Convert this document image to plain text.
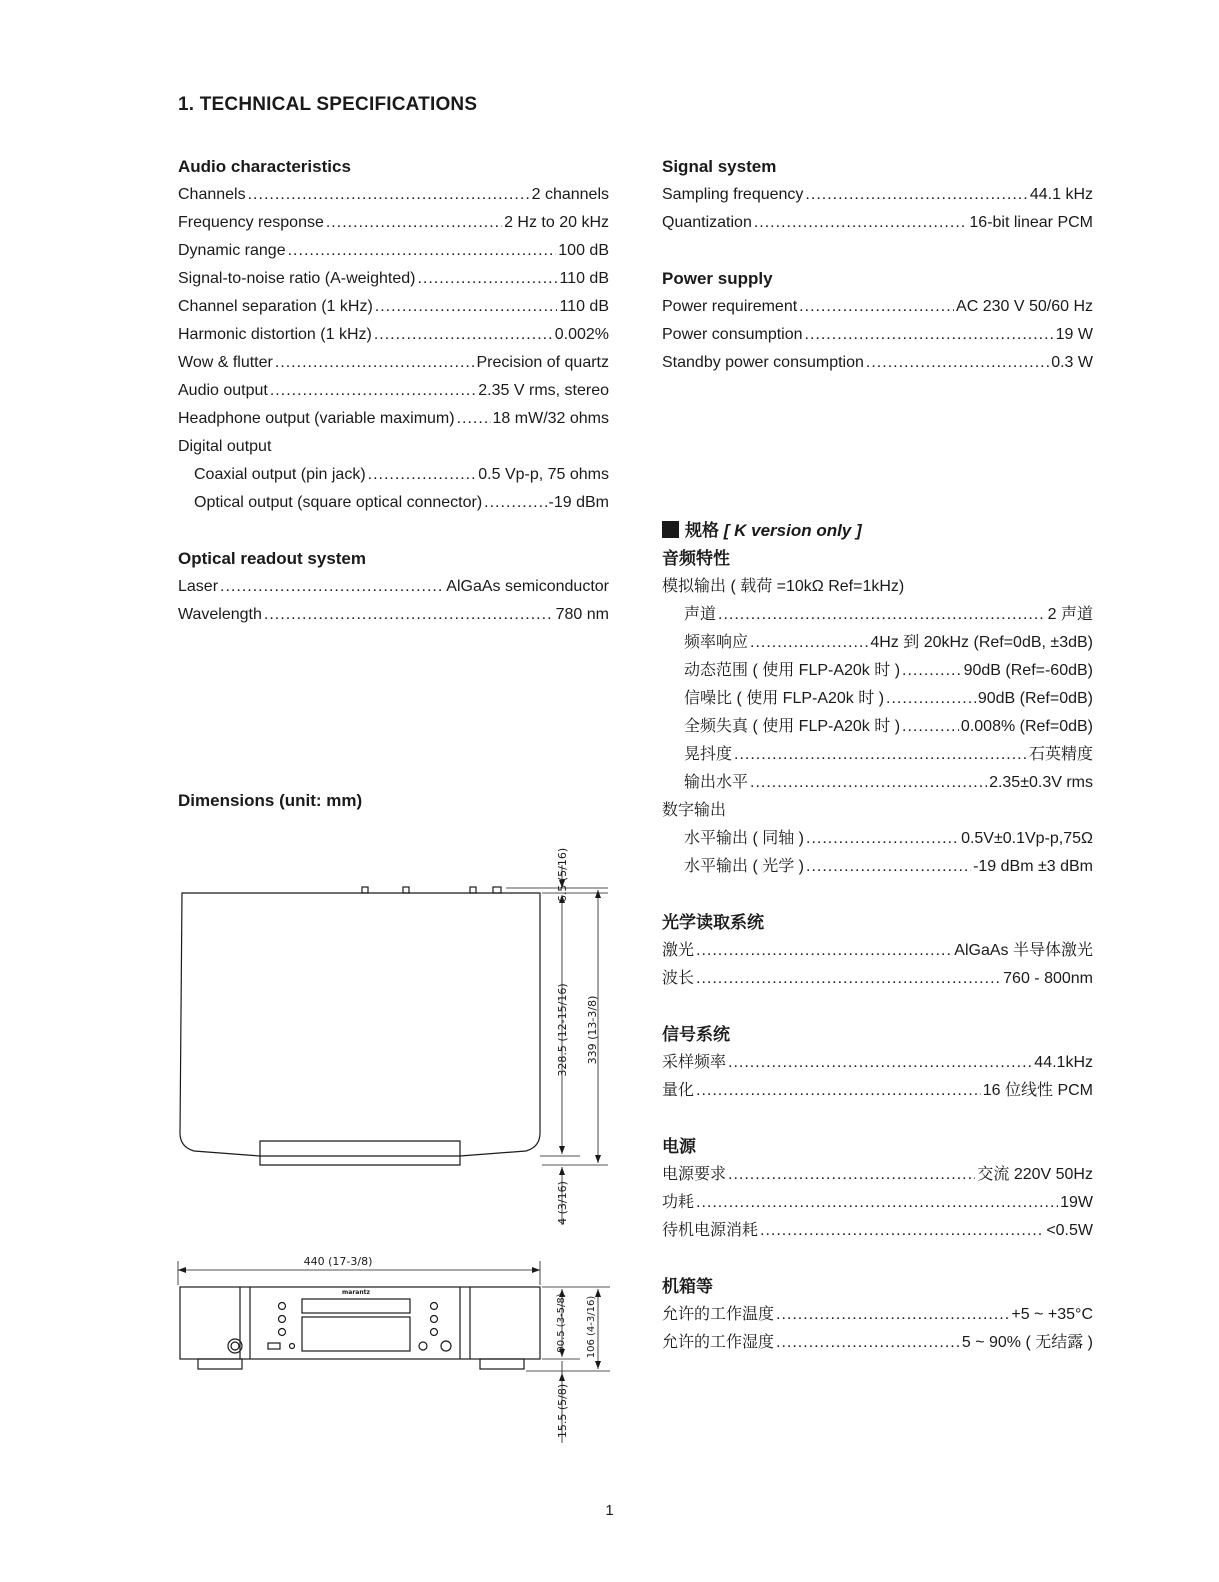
1. TECHNICAL SPECIFICATIONS
Audio characteristics
Channels .....	2 channels
Frequency response .....	2 Hz to 20 kHz
Dynamic range .....	100 dB
Signal-to-noise ratio (A-weighted) .....	110 dB
Channel separation (1 kHz) .....	110 dB
Harmonic distortion (1 kHz) .....	0.002%
Wow & flutter .....	Precision of quartz
Audio output .....	2.35 V rms, stereo
Headphone output (variable maximum) ..... 18 mW/32 ohms
Digital output
Coaxial output (pin jack) .....	0.5 Vp-p, 75 ohms
Optical output (square optical connector) .....	-19 dBm
Optical readout system
Laser .....	AlGaAs semiconductor
Wavelength .....	780 nm
Dimensions (unit: mm)
6.5 (5/16)
328.5 (12-15/16) 339 (13-3/8)
4 (3/16)
440 (17-3/8)
marantz
90.5 (3-5/8) 106 (4-3/16)
15.5 (5/8)
Signal system
Sampling frequency .....	44.1 kHz
Quantization .....	16-bit linear PCM
Power supply
Power requirement .....	AC 230 V 50/60 Hz
Power consumption .....	19 W
Standby power consumption .....	0.3 W
规格 [ K version only ]
音频特性
模拟输出 ( 载荷 =10kΩ Ref=1kHz)
声道 .....	2 声道
频率响应 .....	4Hz 到 20kHz (Ref=0dB, ±3dB)
动态范围 ( 使用 FLP-A20k 时 ) .....	90dB (Ref=-60dB)
信噪比 ( 使用 FLP-A20k 时 ) .....	90dB (Ref=0dB)
全频失真 ( 使用 FLP-A20k 时 ) .....	0.008% (Ref=0dB)
晃抖度 .....	石英精度
输出水平 .....	2.35±0.3V rms
数字输出
水平输出 ( 同轴 ) .....	0.5V±0.1Vp-p,75Ω
水平输出 ( 光学 ) .....	-19 dBm ±3 dBm
光学读取系统
激光 .....	AlGaAs 半导体激光
波长 .....	760 - 800nm
信号系统
采样频率 .....	44.1kHz
量化 .....	16 位线性 PCM
电源
电源要求 .....	交流 220V 50Hz
功耗 .....	19W
待机电源消耗 .....	<0.5W
机箱等
允许的工作温度 .....	+5 ~ +35°C
允许的工作湿度 .....	5 ~ 90% ( 无结露 )
1
